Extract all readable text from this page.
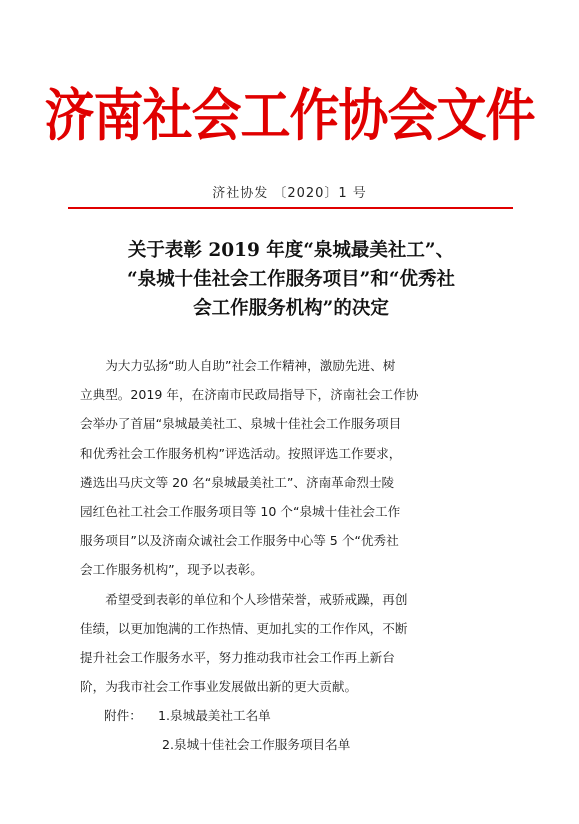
济南社会工作协会文件
济社协发 〔2020〕1 号
关于表彰 2019 年度“泉城最美社工”、
“泉城十佳社会工作服务项目”和“优秀社
会工作服务机构”的决定
　　为大力弘扬“助人自助”社会工作精神，激励先进、树
立典型。2019 年，在济南市民政局指导下，济南社会工作协
会举办了首届“泉城最美社工、泉城十佳社会工作服务项目
和优秀社会工作服务机构”评选活动。按照评选工作要求，
遴选出马庆文等 20 名“泉城最美社工”、济南革命烈士陵
园红色社工社会工作服务项目等 10 个“泉城十佳社会工作
服务项目”以及济南众诚社会工作服务中心等 5 个“优秀社
会工作服务机构”，现予以表彰。
　　希望受到表彰的单位和个人珍惜荣誉，戒骄戒躁，再创
佳绩，以更加饱满的工作热情、更加扎实的工作作风，不断
提升社会工作服务水平，努力推动我市社会工作再上新台
阶，为我市社会工作事业发展做出新的更大贡献。
附件： 1.泉城最美社工名单
2.泉城十佳社会工作服务项目名单
